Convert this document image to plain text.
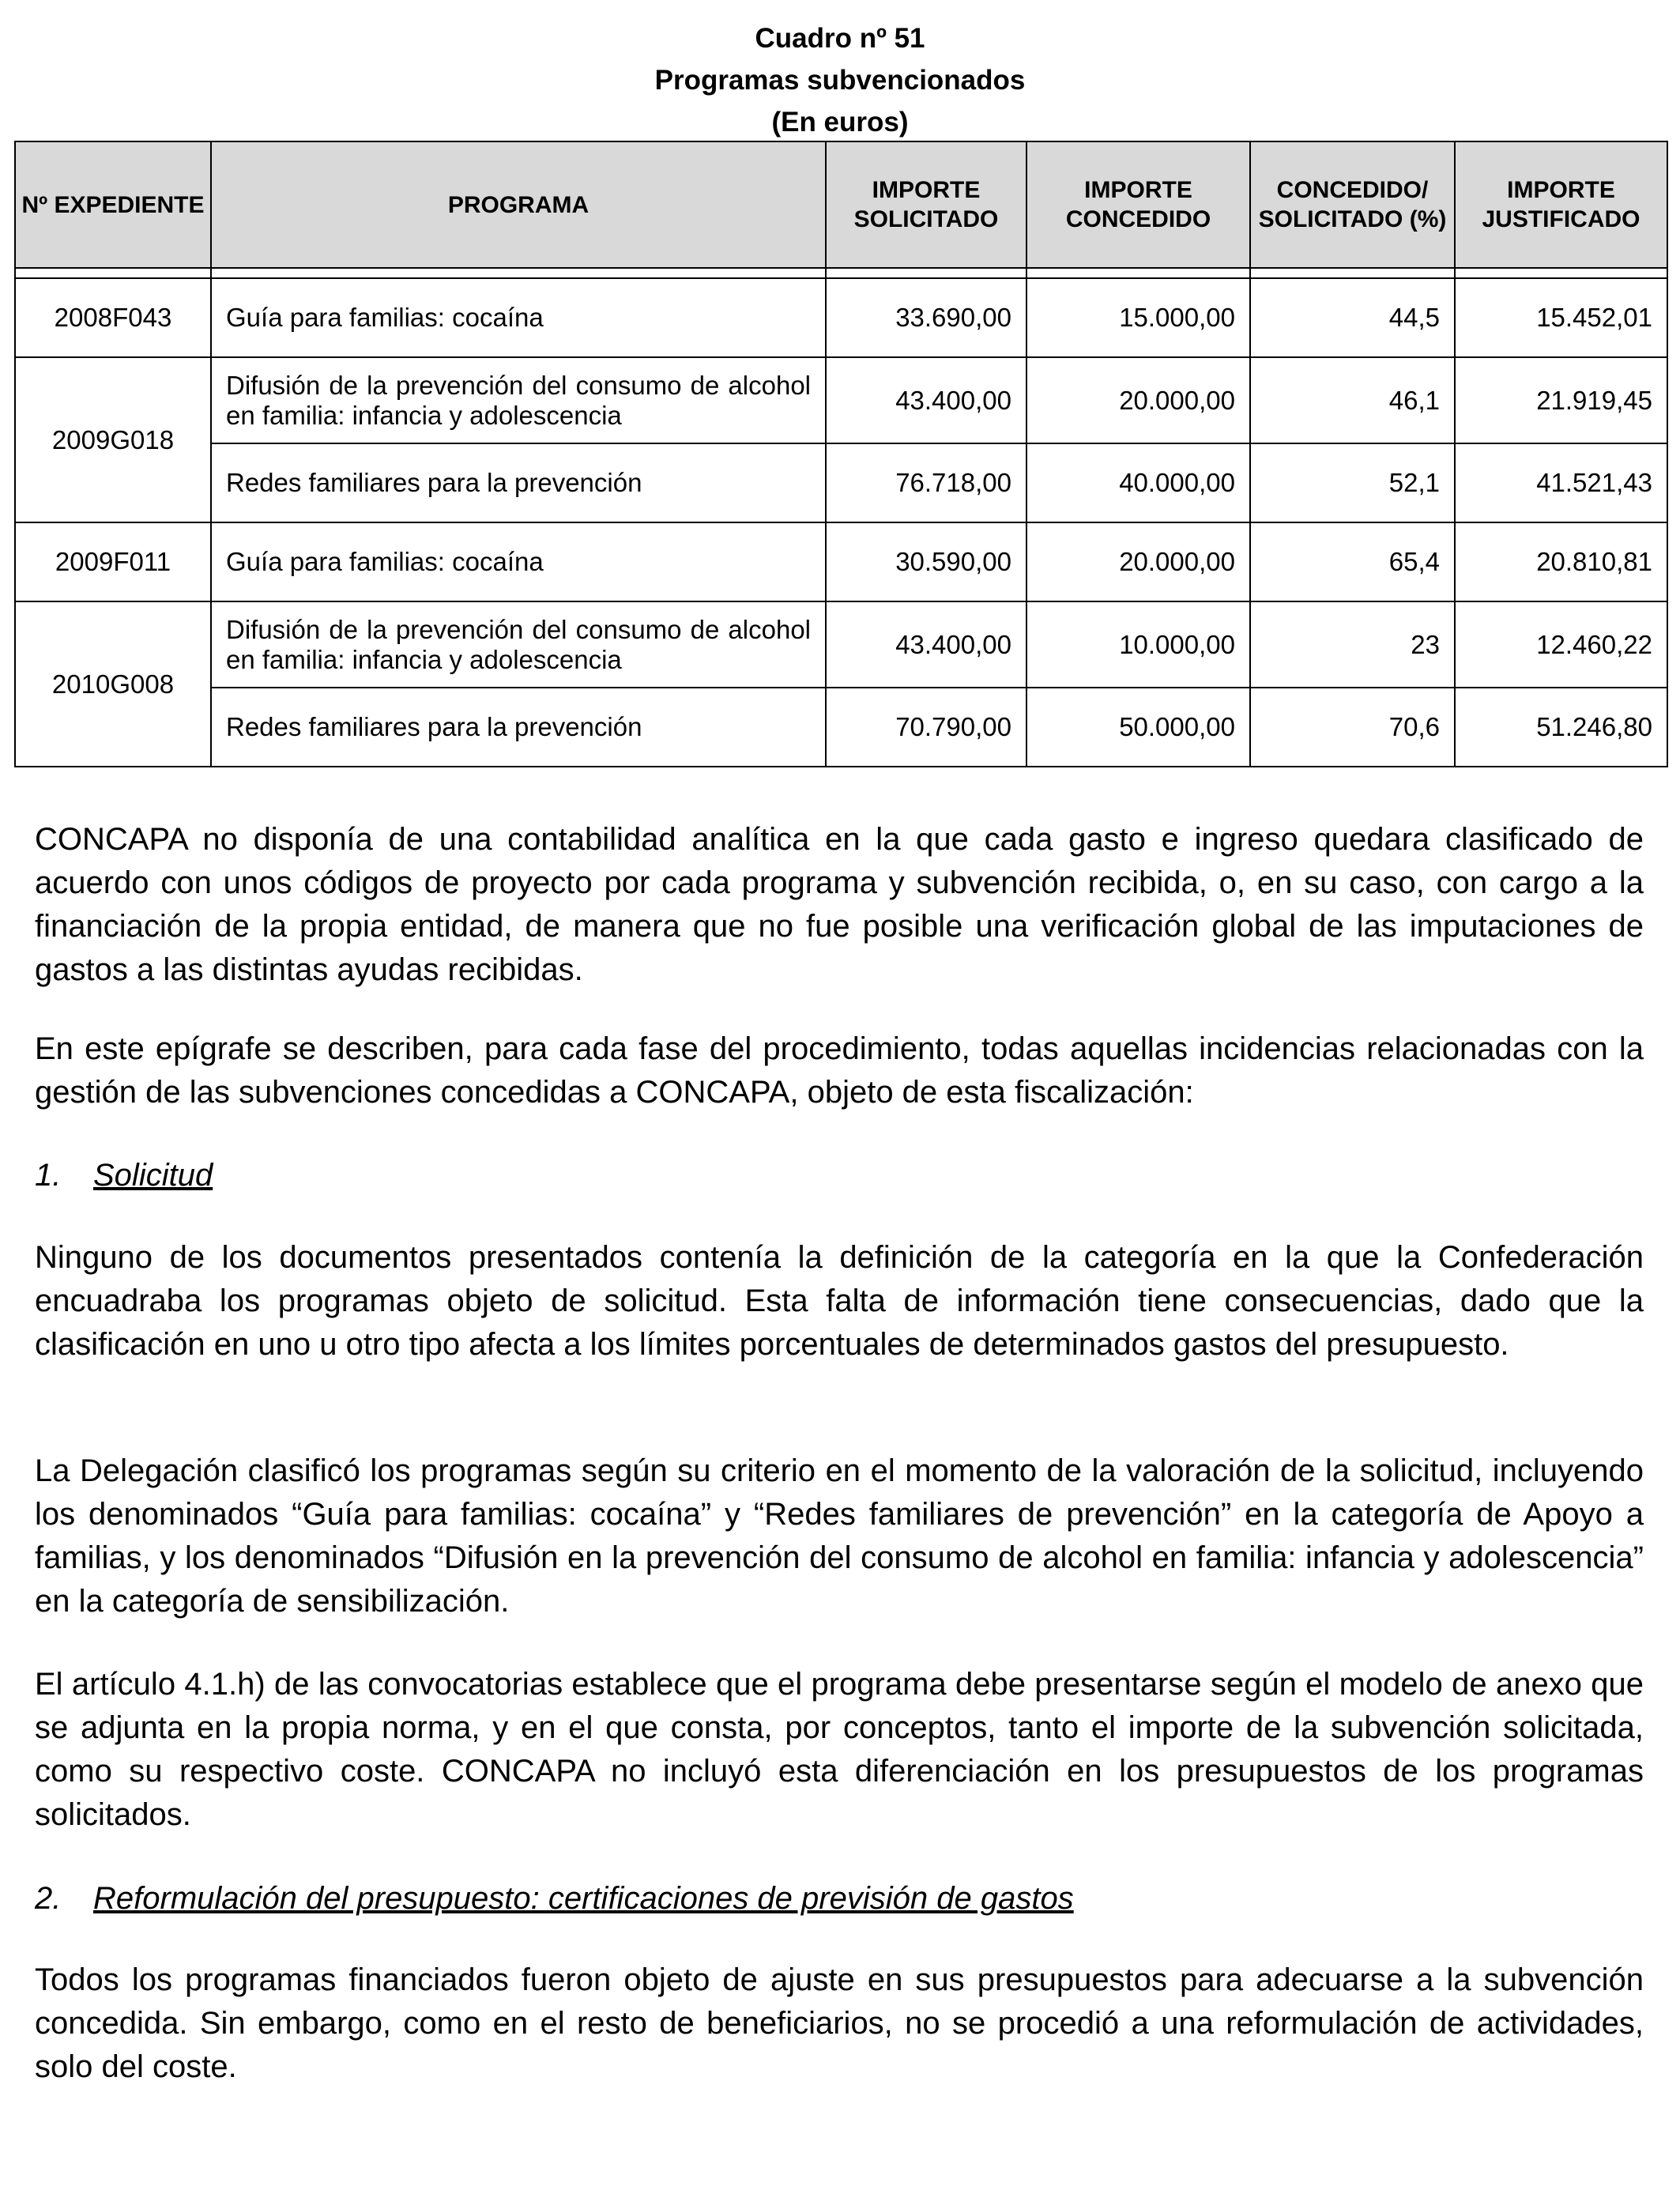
Cuadro nº 51
Programas subvencionados
(En euros)
Nº EXPEDIENTE	PROGRAMA	IMPORTE SOLICITADO	IMPORTE CONCEDIDO	CONCEDIDO/ SOLICITADO (%)	IMPORTE JUSTIFICADO

2008F043	Guía para familias: cocaína	33.690,00	15.000,00	44,5	15.452,01
2009G018	Difusión de la prevención del consumo de alcohol en familia: infancia y adolescencia	43.400,00	20.000,00	46,1	21.919,45
	Redes familiares para la prevención	76.718,00	40.000,00	52,1	41.521,43
2009F011	Guía para familias: cocaína	30.590,00	20.000,00	65,4	20.810,81
2010G008	Difusión de la prevención del consumo de alcohol en familia: infancia y adolescencia	43.400,00	10.000,00	23	12.460,22
	Redes familiares para la prevención	70.790,00	50.000,00	70,6	51.246,80

CONCAPA no disponía de una contabilidad analítica en la que cada gasto e ingreso quedara clasificado de acuerdo con unos códigos de proyecto por cada programa y subvención recibida, o, en su caso, con cargo a la financiación de la propia entidad, de manera que no fue posible una verificación global de las imputaciones de gastos a las distintas ayudas recibidas.

En este epígrafe se describen, para cada fase del procedimiento, todas aquellas incidencias relacionadas con la gestión de las subvenciones concedidas a CONCAPA, objeto de esta fiscalización:

1. Solicitud

Ninguno de los documentos presentados contenía la definición de la categoría en la que la Confederación encuadraba los programas objeto de solicitud. Esta falta de información tiene consecuencias, dado que la clasificación en uno u otro tipo afecta a los límites porcentuales de determinados gastos del presupuesto.

La Delegación clasificó los programas según su criterio en el momento de la valoración de la solicitud, incluyendo los denominados “Guía para familias: cocaína” y “Redes familiares de prevención” en la categoría de Apoyo a familias, y los denominados “Difusión en la prevención del consumo de alcohol en familia: infancia y adolescencia” en la categoría de sensibilización.

El artículo 4.1.h) de las convocatorias establece que el programa debe presentarse según el modelo de anexo que se adjunta en la propia norma, y en el que consta, por conceptos, tanto el importe de la subvención solicitada, como su respectivo coste. CONCAPA no incluyó esta diferenciación en los presupuestos de los programas solicitados.

2. Reformulación del presupuesto: certificaciones de previsión de gastos

Todos los programas financiados fueron objeto de ajuste en sus presupuestos para adecuarse a la subvención concedida. Sin embargo, como en el resto de beneficiarios, no se procedió a una reformulación de actividades, solo del coste.
